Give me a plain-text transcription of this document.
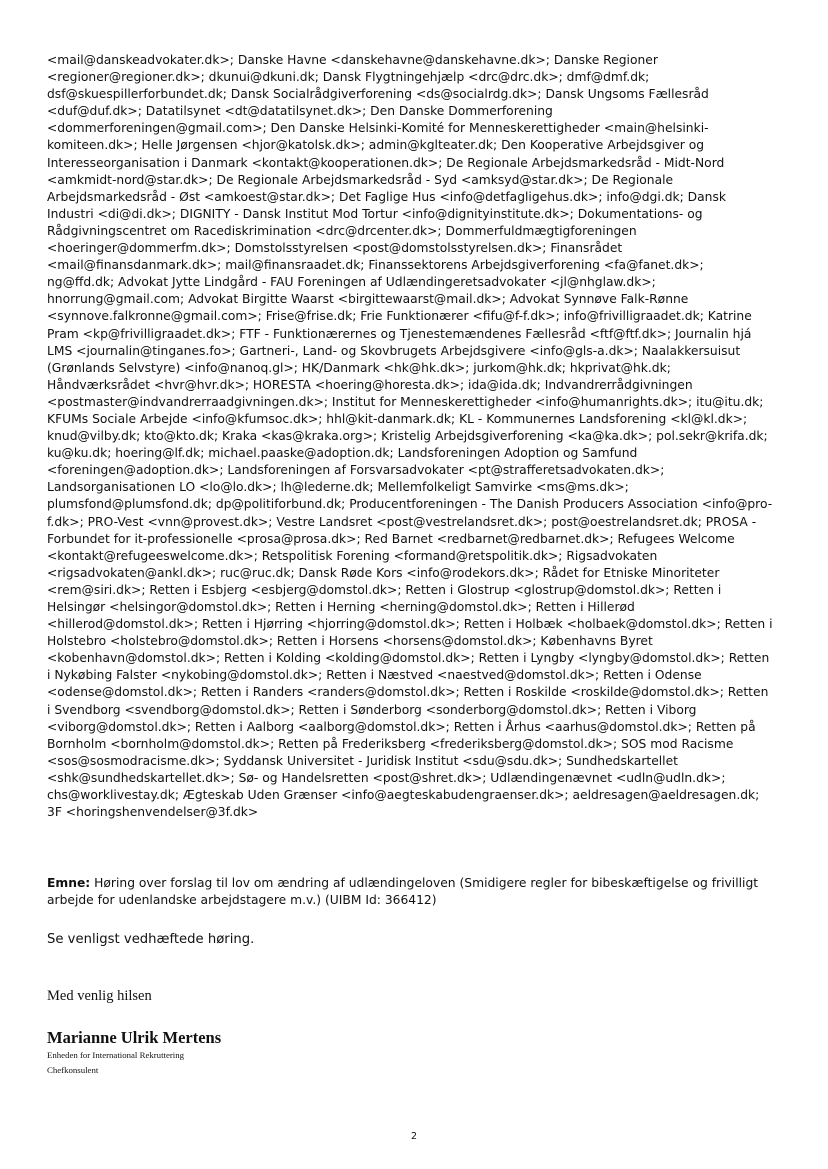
<mail@danskeadvokater.dk>; Danske Havne <danskehavne@danskehavne.dk>; Danske Regioner <regioner@regioner.dk>; dkunui@dkuni.dk; Dansk Flygtningehjælp <drc@drc.dk>; dmf@dmf.dk; dsf@skuespillerforbundet.dk; Dansk Socialrådgiverforening <ds@socialrdg.dk>; Dansk Ungsoms Fællesråd <duf@duf.dk>; Datatilsynet <dt@datatilsynet.dk>; Den Danske Dommerforening <dommerforeningen@gmail.com>; Den Danske Helsinki-Komité for Menneskerettigheder <main@helsinki-komiteen.dk>; Helle Jørgensen <hjor@katolsk.dk>; admin@kglteater.dk; Den Kooperative Arbejdsgiver og Interesseorganisation i Danmark <kontakt@kooperationen.dk>; De Regionale Arbejdsmarkedsråd - Midt-Nord <amkmidt-nord@star.dk>; De Regionale Arbejdsmarkedsråd - Syd <amksyd@star.dk>; De Regionale Arbejdsmarkedsråd - Øst <amkoest@star.dk>; Det Faglige Hus <info@detfagligehus.dk>; info@dgi.dk; Dansk Industri <di@di.dk>; DIGNITY - Dansk Institut Mod Tortur <info@dignityinstitute.dk>; Dokumentations- og Rådgivningscentret om Racediskrimination <drc@drcenter.dk>; Dommerfuldmægtigforeningen <hoeringer@dommerfm.dk>; Domstolsstyrelsen <post@domstolsstyrelsen.dk>; Finansrådet <mail@finansdanmark.dk>; mail@finansraadet.dk; Finanssektorens Arbejdsgiverforening <fa@fanet.dk>; ng@ffd.dk; Advokat Jytte Lindgård - FAU Foreningen af Udlændingeretsadvokater <jl@nhglaw.dk>; hnorrung@gmail.com; Advokat Birgitte Waarst <birgittewaarst@mail.dk>; Advokat Synnøve Falk-Rønne <synnove.falkronne@gmail.com>; Frise@frise.dk; Frie Funktionærer <fifu@f-f.dk>; info@frivilligraadet.dk; Katrine Pram <kp@frivilligraadet.dk>; FTF - Funktionærernes og Tjenestemændenes Fællesråd <ftf@ftf.dk>; Journalin hjá LMS <journalin@tinganes.fo>; Gartneri-, Land- og Skovbrugets Arbejdsgivere <info@gls-a.dk>; Naalakkersuisut (Grønlands Selvstyre) <info@nanoq.gl>; HK/Danmark <hk@hk.dk>; jurkom@hk.dk; hkprivat@hk.dk; Håndværksrådet <hvr@hvr.dk>; HORESTA <hoering@horesta.dk>; ida@ida.dk; Indvandrerrådgivningen <postmaster@indvandrerraadgivningen.dk>; Institut for Menneskerettigheder <info@humanrights.dk>; itu@itu.dk; KFUMs Sociale Arbejde <info@kfumsoc.dk>; hhl@kit-danmark.dk; KL - Kommunernes Landsforening <kl@kl.dk>; knud@vilby.dk; kto@kto.dk; Kraka <kas@kraka.org>; Kristelig Arbejdsgiverforening <ka@ka.dk>; pol.sekr@krifa.dk; ku@ku.dk; hoering@lf.dk; michael.paaske@adoption.dk; Landsforeningen Adoption og Samfund <foreningen@adoption.dk>; Landsforeningen af Forsvarsadvokater <pt@strafferetsadvokaten.dk>; Landsorganisationen LO <lo@lo.dk>; lh@lederne.dk; Mellemfolkeligt Samvirke <ms@ms.dk>; plumsfond@plumsfond.dk; dp@politiforbund.dk; Producentforeningen - The Danish Producers Association <info@pro-f.dk>; PRO-Vest <vnn@provest.dk>; Vestre Landsret <post@vestrelandsret.dk>; post@oestrelandsret.dk; PROSA - Forbundet for it-professionelle <prosa@prosa.dk>; Red Barnet <redbarnet@redbarnet.dk>; Refugees Welcome <kontakt@refugeeswelcome.dk>; Retspolitisk Forening <formand@retspolitik.dk>; Rigsadvokaten <rigsadvokaten@ankl.dk>; ruc@ruc.dk; Dansk Røde Kors <info@rodekors.dk>; Rådet for Etniske Minoriteter <rem@siri.dk>; Retten i Esbjerg <esbjerg@domstol.dk>; Retten i Glostrup <glostrup@domstol.dk>; Retten i Helsingør <helsingor@domstol.dk>; Retten i Herning <herning@domstol.dk>; Retten i Hillerød <hillerod@domstol.dk>; Retten i Hjørring <hjorring@domstol.dk>; Retten i Holbæk <holbaek@domstol.dk>; Retten i Holstebro <holstebro@domstol.dk>; Retten i Horsens <horsens@domstol.dk>; Københavns Byret <kobenhavn@domstol.dk>; Retten i Kolding <kolding@domstol.dk>; Retten i Lyngby <lyngby@domstol.dk>; Retten i Nykøbing Falster <nykobing@domstol.dk>; Retten i Næstved <naestved@domstol.dk>; Retten i Odense <odense@domstol.dk>; Retten i Randers <randers@domstol.dk>; Retten i Roskilde <roskilde@domstol.dk>; Retten i Svendborg <svendborg@domstol.dk>; Retten i Sønderborg <sonderborg@domstol.dk>; Retten i Viborg <viborg@domstol.dk>; Retten i Aalborg <aalborg@domstol.dk>; Retten i Århus <aarhus@domstol.dk>; Retten på Bornholm <bornholm@domstol.dk>; Retten på Frederiksberg <frederiksberg@domstol.dk>; SOS mod Racisme <sos@sosmodracisme.dk>; Syddansk Universitet - Juridisk Institut <sdu@sdu.dk>; Sundhedskartellet <shk@sundhedskartellet.dk>; Sø- og Handelsretten <post@shret.dk>; Udlændingenævnet <udln@udln.dk>; chs@worklivestay.dk; Ægteskab Uden Grænser <info@aegteskabudengraenser.dk>; aeldresagen@aeldresagen.dk; 3F <horingshenvendelser@3f.dk>

Emne: Høring over forslag til lov om ændring af udlændingeloven (Smidigere regler for bibeskæftigelse og frivilligt arbejde for udenlandske arbejdstagere m.v.) (UIBM Id: 366412)
Se venligst vedhæftede høring.
Med venlig hilsen
Marianne Ulrik Mertens
Enheden for International Rekruttering
Chefkonsulent
2
